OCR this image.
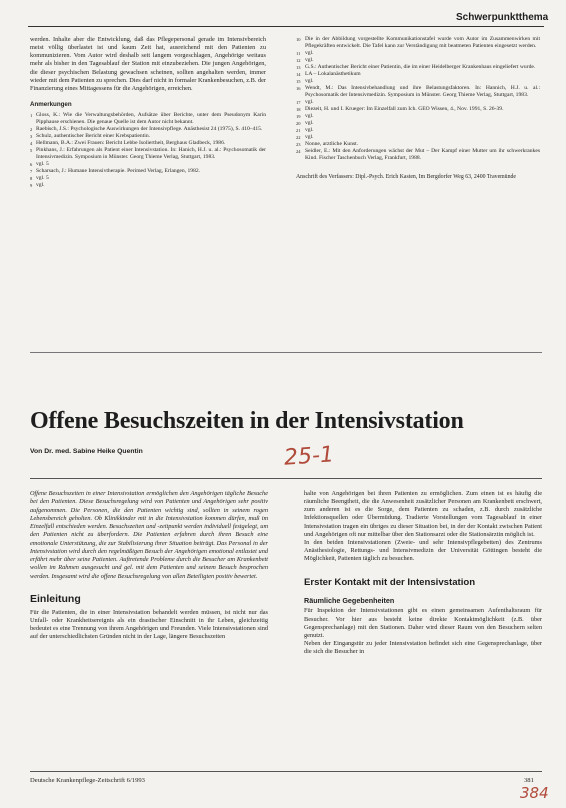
Schwerpunktthema

werden. Inhalte aber die Entwicklung, daß das Pflegepersonal gerade im Intensivbereich meist völlig überlastet ist und kaum Zeit hat, ausreichend mit den Patienten zu kommunizieren. Vom Autor wird deshalb seit langem vorgeschlagen, Angehörige weitaus mehr als bisher in den Tagesablauf der Station mit einzubeziehen. Die jungen Angehörigen, die dieser psychischen Belastung gewachsen scheinen, sollten angehalten werden, immer wieder mit dem Patienten zu sprechen. Dies darf nicht in formaler Krankenbesuchen, z.B. der Finanzierung eines Mittagessens für die Angehörigen, erreichen.

Anmerkungen
1 Gloss, K.: Wie die Verwaltungsbehörden, Aufsätze über Berichte, unter dem Pseudonym Karin Pipphause erschienen. Die genaue Quelle ist dem Autor nicht bekannt.
2 Raebisch, J.S.: Psychologische Auswirkungen der Intensivpflege. Anästhesist 24 (1975), S. 410–415.
3 Schulz, authentischer Bericht einer Krebspatientin.
4 Hellmann, B.A.: Zwei Frauen: Bericht Lebbe Isoliertheit, Berghaus Gladbeck, 1986.
5 Pinkhans, J.: Erfahrungen als Patient einer Intensivstation. In: Hanich, H.J. u. al.: Psychosomatik der Intensivmedizin. Symposium in Münster. Georg Thieme Verlag, Stuttgart, 1983.
6 vgl. 5
7 Scharsach, J.: Humane Intensivtherapie. Perimed Verlag, Erlangen, 1982.
8 vgl. 5
9 vgl.
10 Die in der Abbildung vorgestellte Kommunikationstafel wurde vom Autor im Zusammenwirken mit Pflegekräften entwickelt. Die Tafel kann zur Verständigung mit beatmeten Patienten eingesetzt werden.
11 vgl.
12 vgl.
13 G.S.: Authentischer Bericht einer Patientin, die im einer Heidelberger Krankenhaus eingeliefert wurde.
14 LA – Lokalanästhetikum
15 vgl.
16 Wendt, M.: Das Intensivbehandlung und ihre Belastungsfaktoren. In: Hannich, H.J. u. al.: Psychosomatik der Intensivmedizin. Symposium in Münster. Georg Thieme Verlag, Stuttgart, 1983.
17 vgl.
18 Diezeit, H. und I. Krueger: Im Einzelfall zum Ich. GEO Wissen, 4., Nov. 1991, S. 26-39.
19 vgl.
20 vgl.
21 vgl.
22 vgl.
23 Nonne, arztliche Kunst.
24 Seidler, E.: Mit den Anforderungen wächst der Mut – Der Kampf einer Mutter um ihr schwerkrankes Kind. Fischer Taschenbuch Verlag, Frankfurt, 1988.
Anschrift des Verfassers: Dipl.-Psych. Erich Kasten, Im Bergdorfer Weg 63, 2400 Travemünde
Offene Besuchszeiten in der Intensivstation
Von Dr. med. Sabine Heike Quentin	25-1
Offene Besuchszeiten in einer Intensivstation ermöglichen den Angehörigen tägliche Besuche bei den Patienten. Diese Besuchsregelung wird von Patienten und Angehörigen sehr positiv aufgenommen. Die Personen, die den Patienten wichtig sind, sollten in seinem rogen Lebensbereich geholten. Ob Klinikkinder mit in die Intensivstation kommen dürfen, muß im Einzelfall entschieden werden. Besuchszeiten und -zeitpunkt werden individuell festgelegt, um den Patienten nicht zu überfordern. Die Patienten erfahren durch ihren Besuch eine emotionale Unterstützung, die zur Stabilisierung ihrer Situation beiträgt. Das Personal in der Intensivstation wird durch den regelmäßigen Besuch der Angehörigen emotional entlastet und erfährt mehr über seine Patienten. Auftretende Probleme durch die Besucher am Krankenbett wollen im Rahmen ausgesucht und gel. mit dem Patienten und seinem Besuch besprochen werden. Insgesamt wird die offene Besuchsregelung von allen Beteiligten positiv bewertet.
Einleitung
Für die Patienten, die in einer Intensivstation behandelt werden müssen, ist nicht nur das Unfall- oder Krankheitsereignis als ein drastischer Einschnitt in ihr Leben, gleichzeitig bedeutet es eine Trennung von ihrem Angehörigen und Freunden. Viele Intensivstationen sind auf der unterschiedlichsten Gründen nicht in der Lage, längere Besuchszeiten
halte von Angehörigen bei ihren Patienten zu ermöglichen. Zum einen ist es häufig die räumliche Beengtheit, die die Anwesenheit zusätzlicher Personen am Krankenbett erschwert, zum anderen ist es die Sorge, dem Patienten zu schaden, z.B. durch zusätzliche Infektionsquellen oder Übermüdung. Tradierte Vorstellungen vom Tagesablauf in einer Intensivstation tragen ein übriges zu dieser Situation bei, in der der Kontakt zwischen Patient und Angehörigen oft nur mittelbar über den Stationsarzt oder die Stationsärztin möglich ist.
In den beiden Intensivstationen (Zweie- und sehr Intensivpflegebetten) des Zentrums Anästhesiologie, Rettungs- und Intensivmedizin der Universität Göttingen besteht die Möglichkeit, Patienten täglich zu besuchen.
Erster Kontakt mit der Intensivstation
Räumliche Gegebenheiten
Für Inspektion der Intensivstationen gibt es einen gemeinsamen Aufenthaltsraum für Besucher. Vor hier aus besteht keine direkte Kontaktmöglichkeit (z.B. über Gegensprechanlage) mit den Stationen. Daher wird dieser Raum von den Besuchern selten genutzt.
Neben der Eingangstür zu jeder Intensivstation befindet sich eine Gegensprechanlage, über die sich die Besucher in
Deutsche Krankenpflege-Zeitschrift 6/1993	381
384
